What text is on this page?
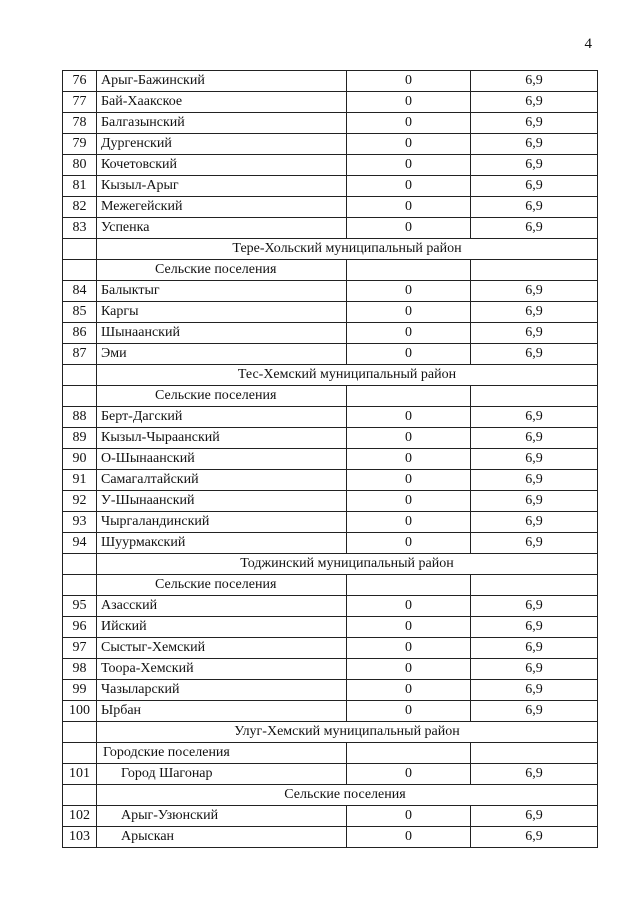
4
76	Арыг-Бажинский	0	6,9
77	Бай-Хаакское	0	6,9
78	Балгазынский	0	6,9
79	Дургенский	0	6,9
80	Кочетовский	0	6,9
81	Кызыл-Арыг	0	6,9
82	Межегейский	0	6,9
83	Успенка	0	6,9
	Тере-Хольский муниципальный район		
	Сельские поселения		
84	Балыктыг	0	6,9
85	Каргы	0	6,9
86	Шынаанский	0	6,9
87	Эми	0	6,9
	Тес-Хемский муниципальный район		
	Сельские поселения		
88	Берт-Дагский	0	6,9
89	Кызыл-Чыраанский	0	6,9
90	О-Шынаанский	0	6,9
91	Самагалтайский	0	6,9
92	У-Шынаанский	0	6,9
93	Чыргаландинский	0	6,9
94	Шуурмакский	0	6,9
	Тоджинский муниципальный район		
	Сельские поселения		
95	Азасский	0	6,9
96	Ийский	0	6,9
97	Сыстыг-Хемский	0	6,9
98	Тоора-Хемский	0	6,9
99	Чазыларский	0	6,9
100	Ырбан	0	6,9
	Улуг-Хемский муниципальный район		
	Городские поселения		
101	Город Шагонар	0	6,9
	Сельские поселения		
102	Арыг-Узюнский	0	6,9
103	Арыскан	0	6,9
